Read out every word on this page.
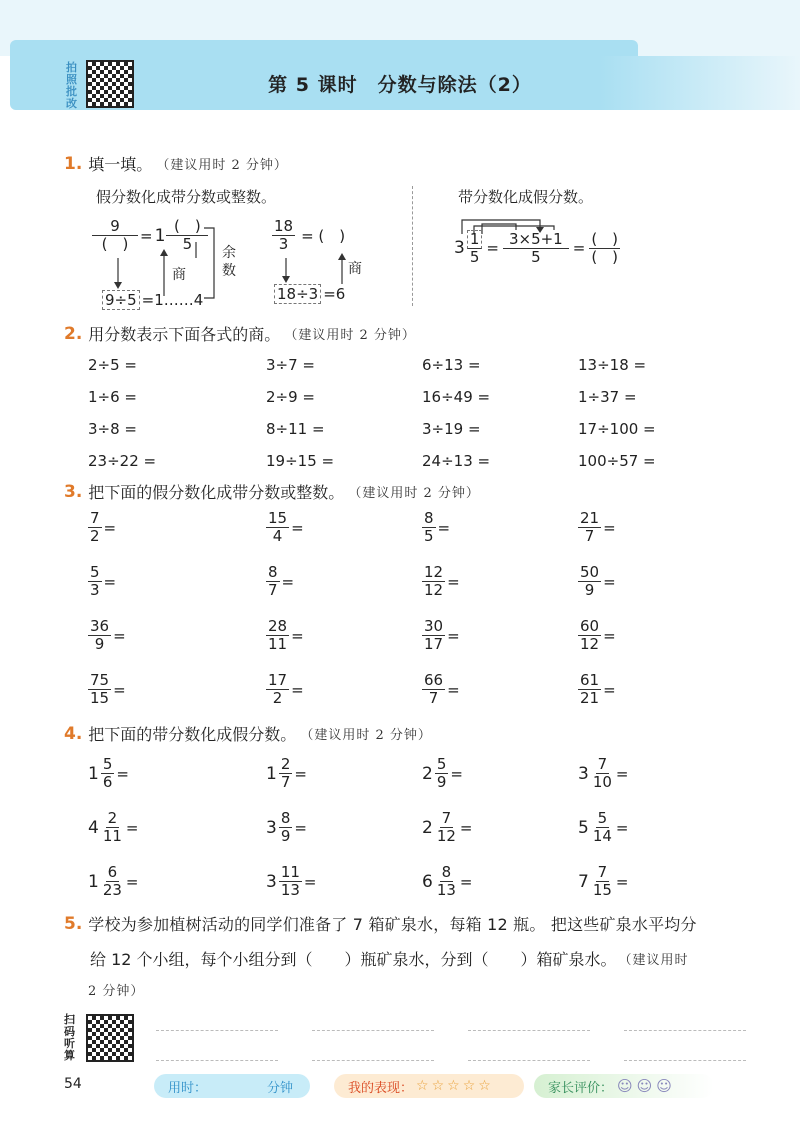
拍照批改
第 5 课时　分数与除法（2）
1. 填一填。 （建议用时 2 分钟）
假分数化成带分数或整数。	带分数化成假分数。
$\frac{9}{( )} = 1 \frac{( )}{5}$
商
余数
9÷5 =1……4
$\frac{18}{3}$ = (　)
商
18÷3 =6
$3 \frac{1}{5} = \frac{3\times 5+1}{5} = \frac{( )}{( )}$
2. 用分数表示下面各式的商。 （建议用时 2 分钟）
2÷5 =	3÷7 =	6÷13 =	13÷18 =
1÷6 =	2÷9 =	16÷49 =	1÷37 =
3÷8 =	8÷11 =	3÷19 =	17÷100 =
23÷22 =	19÷15 =	24÷13 =	100÷57 =
3. 把下面的假分数化成带分数或整数。 （建议用时 2 分钟）
$\frac{7}{2}$ =	$\frac{15}{4}$ =	$\frac{8}{5}$ =	$\frac{21}{7}$ =
$\frac{5}{3}$ =	$\frac{8}{7}$ =	$\frac{12}{12}$ =	$\frac{50}{9}$ =
$\frac{36}{9}$ =	$\frac{28}{11}$ =	$\frac{30}{17}$ =	$\frac{60}{12}$ =
$\frac{75}{15}$ =	$\frac{17}{2}$ =	$\frac{66}{7}$ =	$\frac{61}{21}$ =
4. 把下面的带分数化成假分数。 （建议用时 2 分钟）
$1 \frac{5}{6}$ =	$1 \frac{2}{7}$ =	$2 \frac{5}{9}$ =	$3 \frac{7}{10}$ =
$4 \frac{2}{11}$ =	$3 \frac{8}{9}$ =	$2 \frac{7}{12}$ =	$5 \frac{5}{14}$ =
$1 \frac{6}{23}$ =	$3 \frac{11}{13}$ =	$6 \frac{8}{13}$ =	$7 \frac{7}{15}$ =
5. 学校为参加植树活动的同学们准备了 7 箱矿泉水，每箱 12 瓶。 把这些矿泉水平均分
给 12 个小组，每个小组分到（　　）瓶矿泉水，分到（　　）箱矿泉水。 （建议用时
2 分钟）
扫码听算
54	用时：	分钟	我的表现： ☆ ☆ ☆ ☆ ☆	家长评价： ☺ ☺ ☺
